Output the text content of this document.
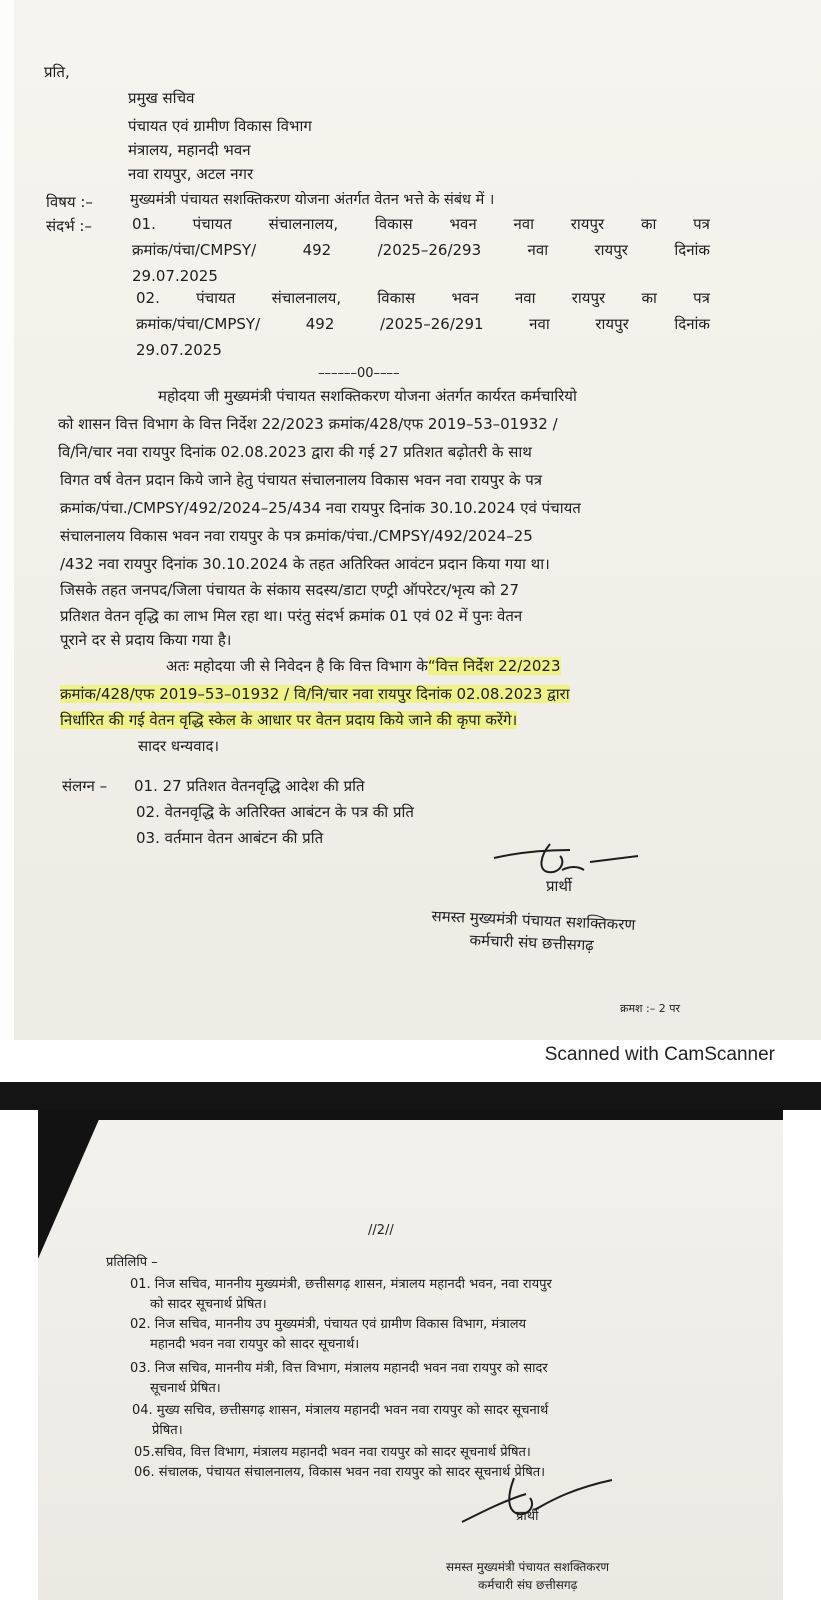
प्रति,
प्रमुख सचिव
पंचायत एवं ग्रामीण विकास विभाग
मंत्रालय, महानदी भवन
नवा रायपुर, अटल नगर
विषय :–	मुख्यमंत्री पंचायत सशक्तिकरण योजना अंतर्गत वेतन भत्ते के संबंध में ।
संदर्भ :–	01. पंचायत संचालनालय, विकास भवन नवा रायपुर का पत्र
क्रमांक/पंचा/CMPSY/	492	/2025–26/293	नवा	रायपुर	दिनांक
29.07.2025
02. पंचायत संचालनालय, विकास भवन नवा रायपुर का पत्र
क्रमांक/पंचा/CMPSY/	492	/2025–26/291	नवा	रायपुर	दिनांक
29.07.2025
––––––00––––
महोदया जी मुख्यमंत्री पंचायत सशक्तिकरण योजना अंतर्गत कार्यरत कर्मचारियो
को शासन वित्त विभाग के वित्त निर्देश 22/2023 क्रमांक/428/एफ 2019–53–01932 /
वि/नि/चार नवा रायपुर दिनांक 02.08.2023 द्वारा की गई 27 प्रतिशत बढ़ोतरी के साथ
विगत वर्ष वेतन प्रदान किये जाने हेतु पंचायत संचालनालय विकास भवन नवा रायपुर के पत्र
क्रमांक/पंचा./CMPSY/492/2024–25/434 नवा रायपुर दिनांक 30.10.2024 एवं पंचायत
संचालनालय विकास भवन नवा रायपुर के पत्र क्रमांक/पंचा./CMPSY/492/2024–25
/432 नवा रायपुर दिनांक 30.10.2024 के तहत अतिरिक्त आवंटन प्रदान किया गया था।
जिसके तहत जनपद/जिला पंचायत के संकाय सदस्य/डाटा एण्ट्री ऑपरेटर/भृत्य को 27
प्रतिशत वेतन वृद्धि का लाभ मिल रहा था। परंतु संदर्भ क्रमांक 01 एवं 02 में पुनः वेतन
पूराने दर से प्रदाय किया गया है।
अतः महोदया जी से निवेदन है कि वित्त विभाग के“वित्त निर्देश 22/2023
क्रमांक/428/एफ 2019–53–01932 / वि/नि/चार नवा रायपुर दिनांक 02.08.2023 द्वारा
निर्धारित की गई वेतन वृद्धि स्केल के आधार पर वेतन प्रदाय किये जाने की कृपा करेंगे।
सादर धन्यवाद।
संलग्न – 01. 27 प्रतिशत वेतनवृद्धि आदेश की प्रति
02. वेतनवृद्धि के अतिरिक्त आबंटन के पत्र की प्रति
03. वर्तमान वेतन आबंटन की प्रति
प्रार्थी
समस्त मुख्यमंत्री पंचायत सशक्तिकरण
कर्मचारी संघ छत्तीसगढ़
क्रमश :– 2 पर
Scanned with CamScanner
//2//
प्रतिलिपि –
01. निज सचिव, माननीय मुख्यमंत्री, छत्तीसगढ़ शासन, मंत्रालय महानदी भवन, नवा रायपुर
को सादर सूचनार्थ प्रेषित।
02. निज सचिव, माननीय उप मुख्यमंत्री, पंचायत एवं ग्रामीण विकास विभाग, मंत्रालय
महानदी भवन नवा रायपुर को सादर सूचनार्थ।
03. निज सचिव, माननीय मंत्री, वित्त विभाग, मंत्रालय महानदी भवन नवा रायपुर को सादर
सूचनार्थ प्रेषित।
04. मुख्य सचिव, छत्तीसगढ़ शासन, मंत्रालय महानदी भवन नवा रायपुर को सादर सूचनार्थ
प्रेषित।
05.सचिव, वित्त विभाग, मंत्रालय महानदी भवन नवा रायपुर को सादर सूचनार्थ प्रेषित।
06. संचालक, पंचायत संचालनालय, विकास भवन नवा रायपुर को सादर सूचनार्थ प्रेषित।
प्रार्थी
समस्त मुख्यमंत्री पंचायत सशक्तिकरण
कर्मचारी संघ छत्तीसगढ़
